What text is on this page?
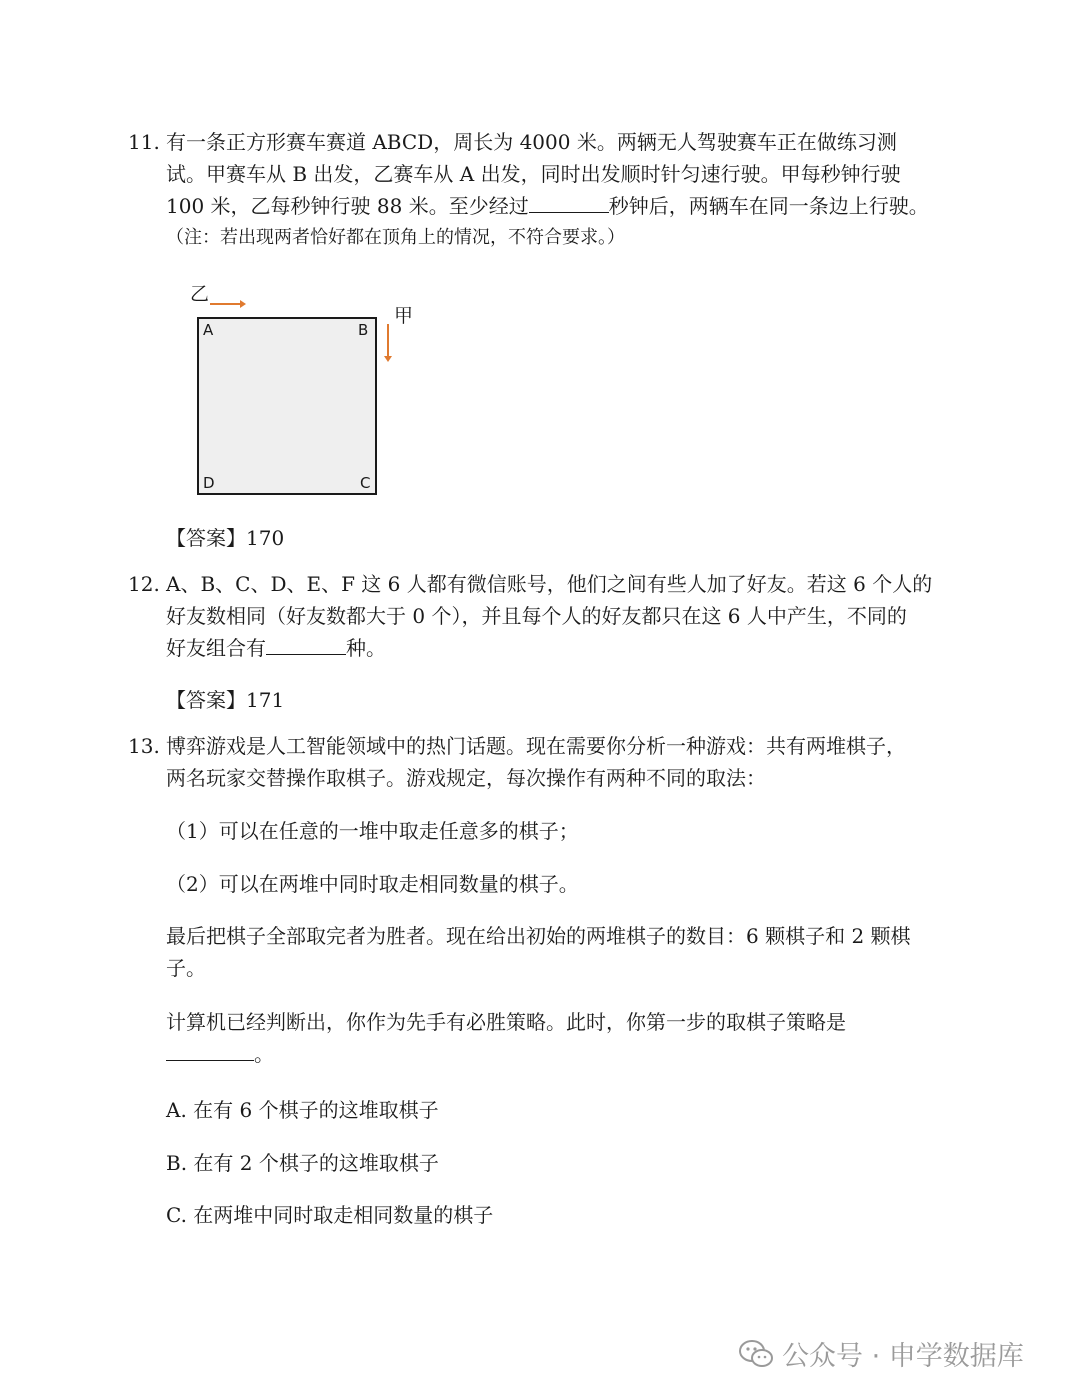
11. 有一条正方形赛车赛道 ABCD，周长为 4000 米。两辆无人驾驶赛车正在做练习测
试。甲赛车从 B 出发，乙赛车从 A 出发，同时出发顺时针匀速行驶。甲每秒钟行驶
100 米，乙每秒钟行驶 88 米。至少经过	秒钟后，两辆车在同一条边上行驶。
（注：若出现两者恰好都在顶角上的情况，不符合要求。）
乙
甲
A	B
D	C
【答案】170
12. A、B、C、D、E、F 这 6 人都有微信账号，他们之间有些人加了好友。若这 6 个人的
好友数相同（好友数都大于 0 个），并且每个人的好友都只在这 6 人中产生，不同的
好友组合有	种。
【答案】171
13. 博弈游戏是人工智能领域中的热门话题。现在需要你分析一种游戏：共有两堆棋子，
两名玩家交替操作取棋子。游戏规定，每次操作有两种不同的取法：
（1）可以在任意的一堆中取走任意多的棋子；
（2）可以在两堆中同时取走相同数量的棋子。
最后把棋子全部取完者为胜者。现在给出初始的两堆棋子的数目：6 颗棋子和 2 颗棋
子。
计算机已经判断出，你作为先手有必胜策略。此时，你第一步的取棋子策略是
。
A. 在有 6 个棋子的这堆取棋子
B. 在有 2 个棋子的这堆取棋子
C. 在两堆中同时取走相同数量的棋子
公众号 · 申学数据库
